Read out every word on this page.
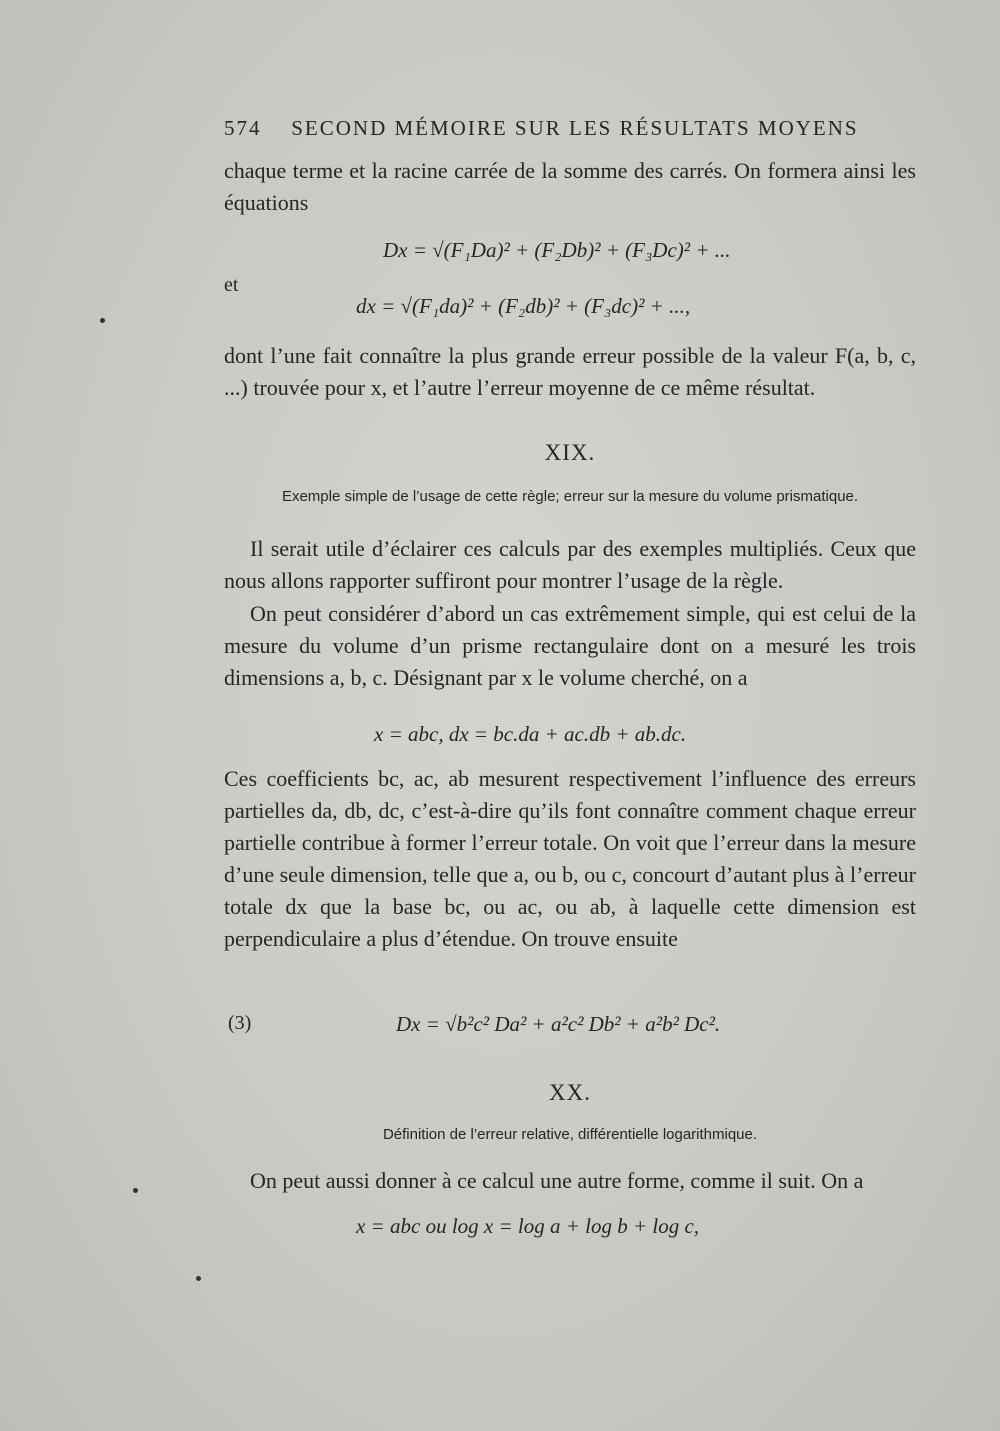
574 SECOND MÉMOIRE SUR LES RÉSULTATS MOYENS
chaque terme et la racine carrée de la somme des carrés. On formera ainsi les équations
Dx = √(F₁Da)² + (F₂Db)² + (F₃Dc)² + ...
et
dx = √(F₁da)² + (F₂db)² + (F₃dc)² + ...,
dont l’une fait connaître la plus grande erreur possible de la valeur F(a, b, c, ...) trouvée pour x, et l’autre l’erreur moyenne de ce même résultat.
XIX.
Exemple simple de l’usage de cette règle; erreur sur la mesure du volume prismatique.
Il serait utile d’éclairer ces calculs par des exemples multipliés. Ceux que nous allons rapporter suffiront pour montrer l’usage de la règle.
On peut considérer d’abord un cas extrêmement simple, qui est celui de la mesure du volume d’un prisme rectangulaire dont on a mesuré les trois dimensions a, b, c. Désignant par x le volume cherché, on a
x = abc, dx = bc.da + ac.db + ab.dc.
Ces coefficients bc, ac, ab mesurent respectivement l’influence des erreurs partielles da, db, dc, c’est-à-dire qu’ils font connaître comment chaque erreur partielle contribue à former l’erreur totale. On voit que l’erreur dans la mesure d’une seule dimension, telle que a, ou b, ou c, concourt d’autant plus à l’erreur totale dx que la base bc, ou ac, ou ab, à laquelle cette dimension est perpendiculaire a plus d’étendue. On trouve ensuite
(3)	Dx = √b²c² Da² + a²c² Db² + a²b² Dc².
XX.
Définition de l’erreur relative, différentielle logarithmique.
On peut aussi donner à ce calcul une autre forme, comme il suit. On a
x = abc ou log x = log a + log b + log c,
